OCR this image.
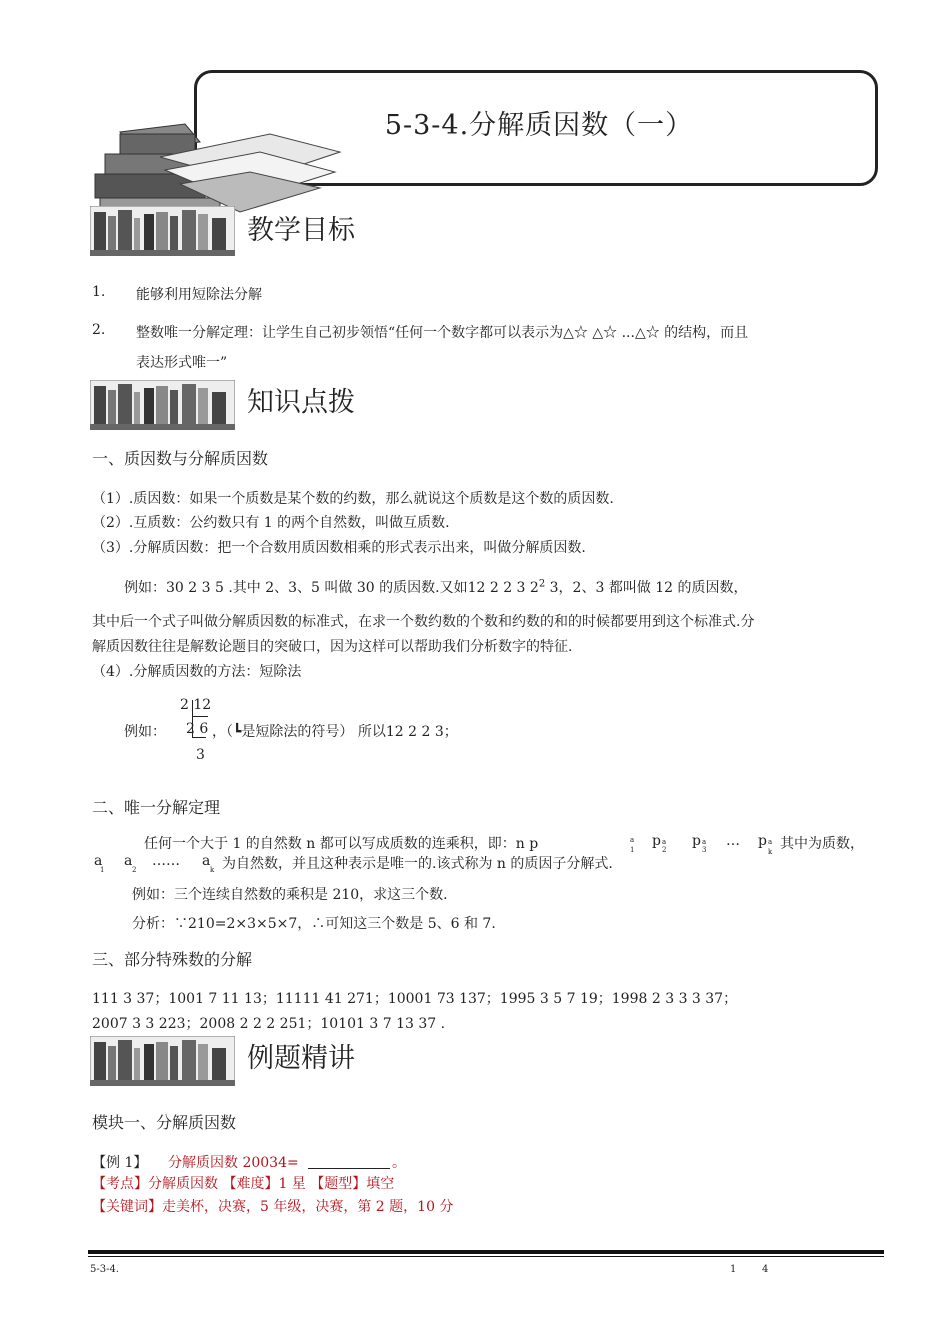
5-3-4.分解质因数（一）
教学目标
1. 能够利用短除法分解
2. 整数唯一分解定理：让学生自己初步领悟“任何一个数字都可以表示为△☆ △☆ ...△☆ 的结构，而且
表达形式唯一”
知识点拨
一、质因数与分解质因数
（1）.质因数：如果一个质数是某个数的约数，那么就说这个质数是这个数的质因数.
（2）.互质数：公约数只有 1 的两个自然数，叫做互质数.
（3）.分解质因数：把一个合数用质因数相乘的形式表示出来，叫做分解质因数.
例如：30 2 3 5 .其中 2、3、5 叫做 30 的质因数.又如12 2 2 3 $2^2$ 3，2、3 都叫做 12 的质因数，
其中后一个式子叫做分解质因数的标准式，在求一个数约数的个数和约数的和的时候都要用到这个标准式.分
解质因数往往是解数论题目的突破口，因为这样可以帮助我们分析数字的特征.
（4）.分解质因数的方法：短除法
2 12
例如： 2 6 ，（┗是短除法的符号） 所以12 2 2 3；
3
二、唯一分解定理
任何一个大于 1 的自然数 n 都可以写成质数的连乘积，即：n p	a
1
p a
2
p a
3
… p a
k 其中为质数，
a
1
a
2
…… a
k 为自然数，并且这种表示是唯一的.该式称为 n 的质因子分解式.
例如：三个连续自然数的乘积是 210，求这三个数.
分析：∵210=2×3×5×7，∴可知这三个数是 5、6 和 7.
三、部分特殊数的分解
111 3 37；1001 7 11 13；11111 41 271；10001 73 137；1995 3 5 7 19；1998 2 3 3 3 37；
2007 3 3 223；2008 2 2 2 251；10101 3 7 13 37 .
例题精讲
模块一、分解质因数
【例 1】 分解质因数 20034=	。
【考点】分解质因数 【难度】1 星 【题型】填空
【关键词】走美杯，决赛，5 年级，决赛，第 2 题，10 分
5-3-4.	1	4
